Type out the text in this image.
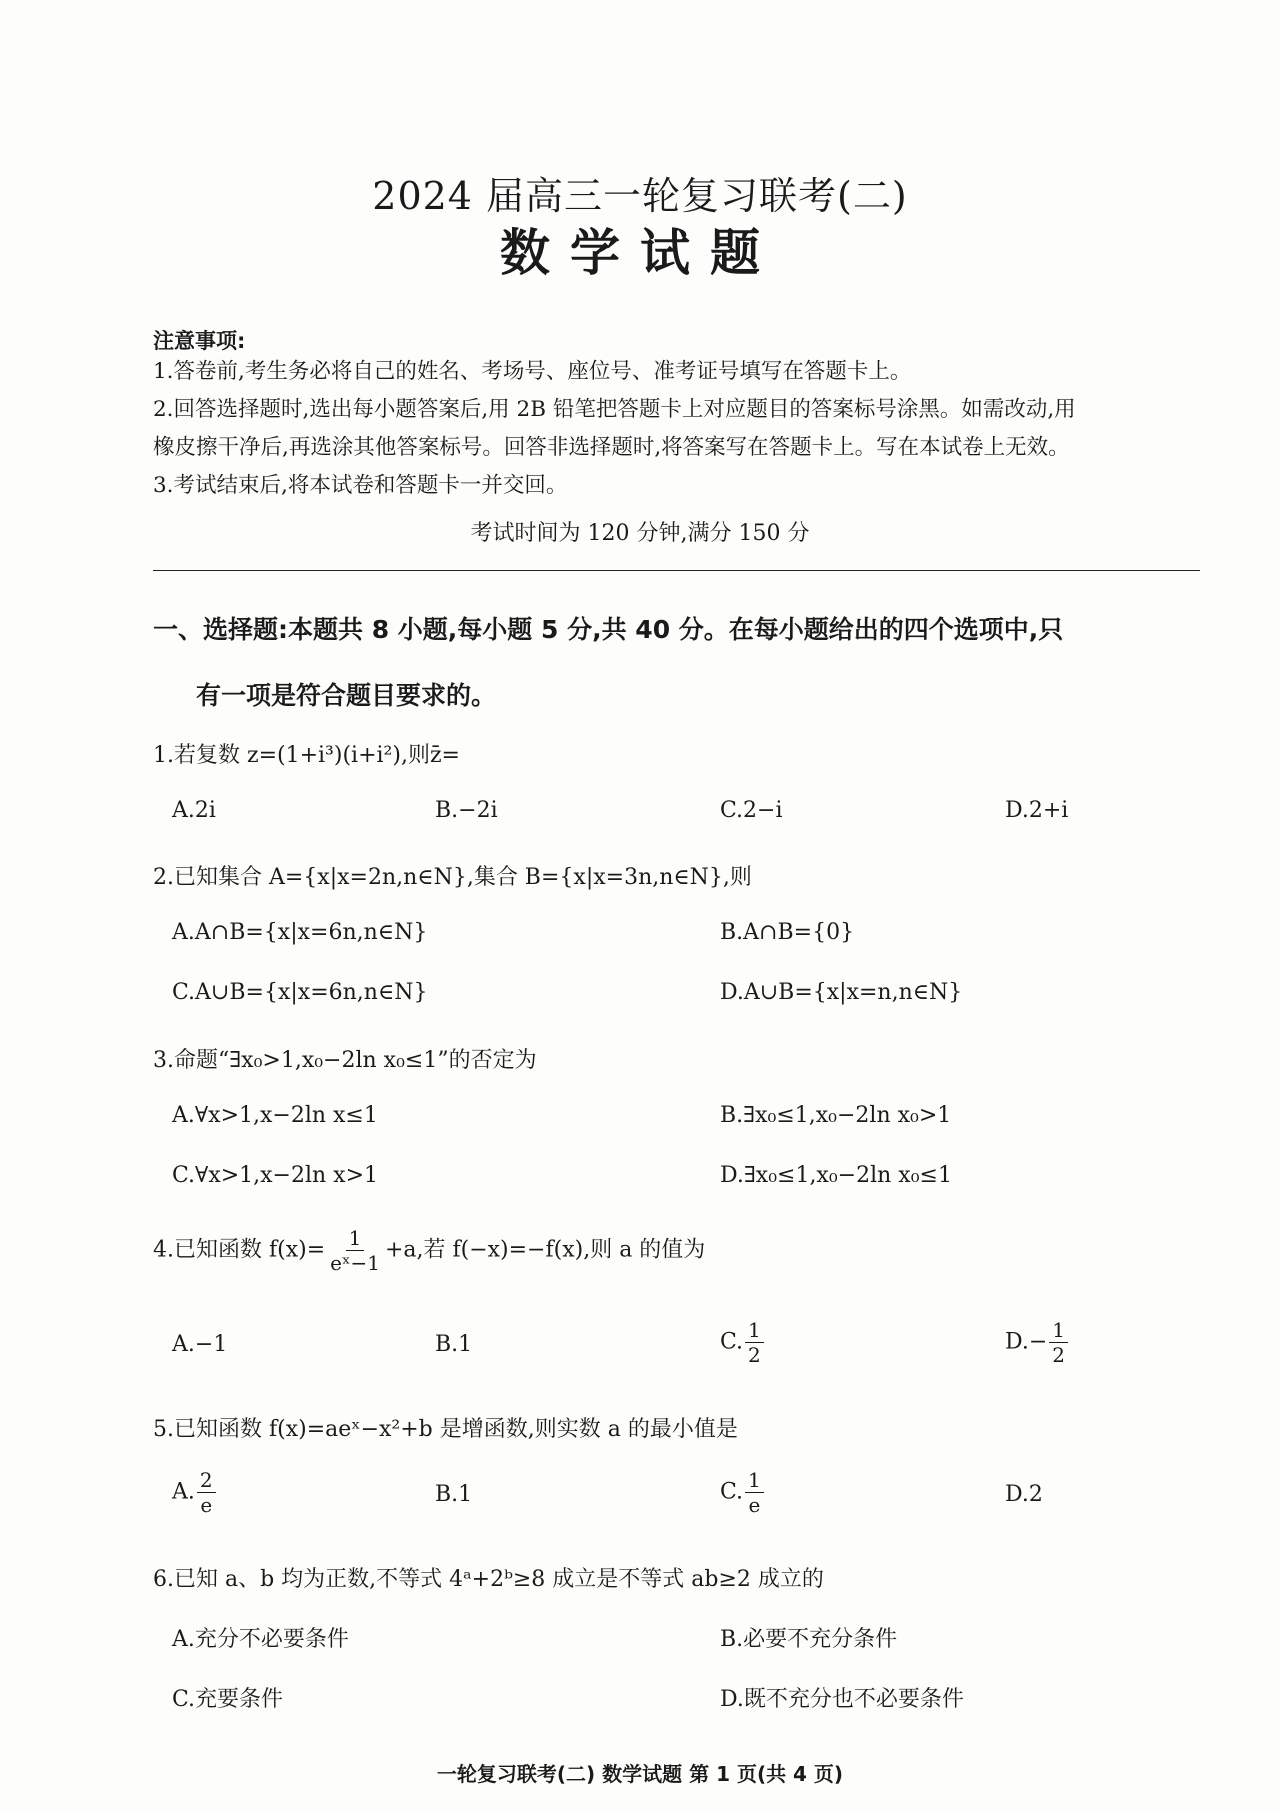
2024 届高三一轮复习联考(二)
数学试题
注意事项:
1.答卷前,考生务必将自己的姓名、考场号、座位号、准考证号填写在答题卡上。
2.回答选择题时,选出每小题答案后,用 2B 铅笔把答题卡上对应题目的答案标号涂黑。如需改动,用
橡皮擦干净后,再选涂其他答案标号。回答非选择题时,将答案写在答题卡上。写在本试卷上无效。
3.考试结束后,将本试卷和答题卡一并交回。
考试时间为 120 分钟,满分 150 分
一、选择题:本题共 8 小题,每小题 5 分,共 40 分。在每小题给出的四个选项中,只
有一项是符合题目要求的。
1.若复数 z=(1+i³)(i+i²),则z̄=
A.2i	B.−2i	C.2−i	D.2+i
2.已知集合 A={x|x=2n,n∈N},集合 B={x|x=3n,n∈N},则
A.A∩B={x|x=6n,n∈N}	B.A∩B={0}
C.A∪B={x|x=6n,n∈N}	D.A∪B={x|x=n,n∈N}
3.命题“∃x₀>1,x₀−2ln x₀≤1”的否定为
A.∀x>1,x−2ln x≤1	B.∃x₀≤1,x₀−2ln x₀>1
C.∀x>1,x−2ln x>1	D.∃x₀≤1,x₀−2ln x₀≤1
4.已知函数 $f(x)= \frac{1}{\text{eˣ−1}} +a$,若 f(−x)=−f(x),则 a 的值为
A.−1	B.1	C. $\frac{1}{2}$	$D.- \frac{1}{2}$
5.已知函数 f(x)=aeˣ−x²+b 是增函数,则实数 a 的最小值是
A. $\frac{2}{e}$	B.1	C. $\frac{1}{e}$	D.2
6.已知 a、b 均为正数,不等式 4ᵃ+2ᵇ≥8 成立是不等式 ab≥2 成立的
A.充分不必要条件	B.必要不充分条件
C.充要条件	D.既不充分也不必要条件
一轮复习联考(二) 数学试题 第 1 页(共 4 页)
